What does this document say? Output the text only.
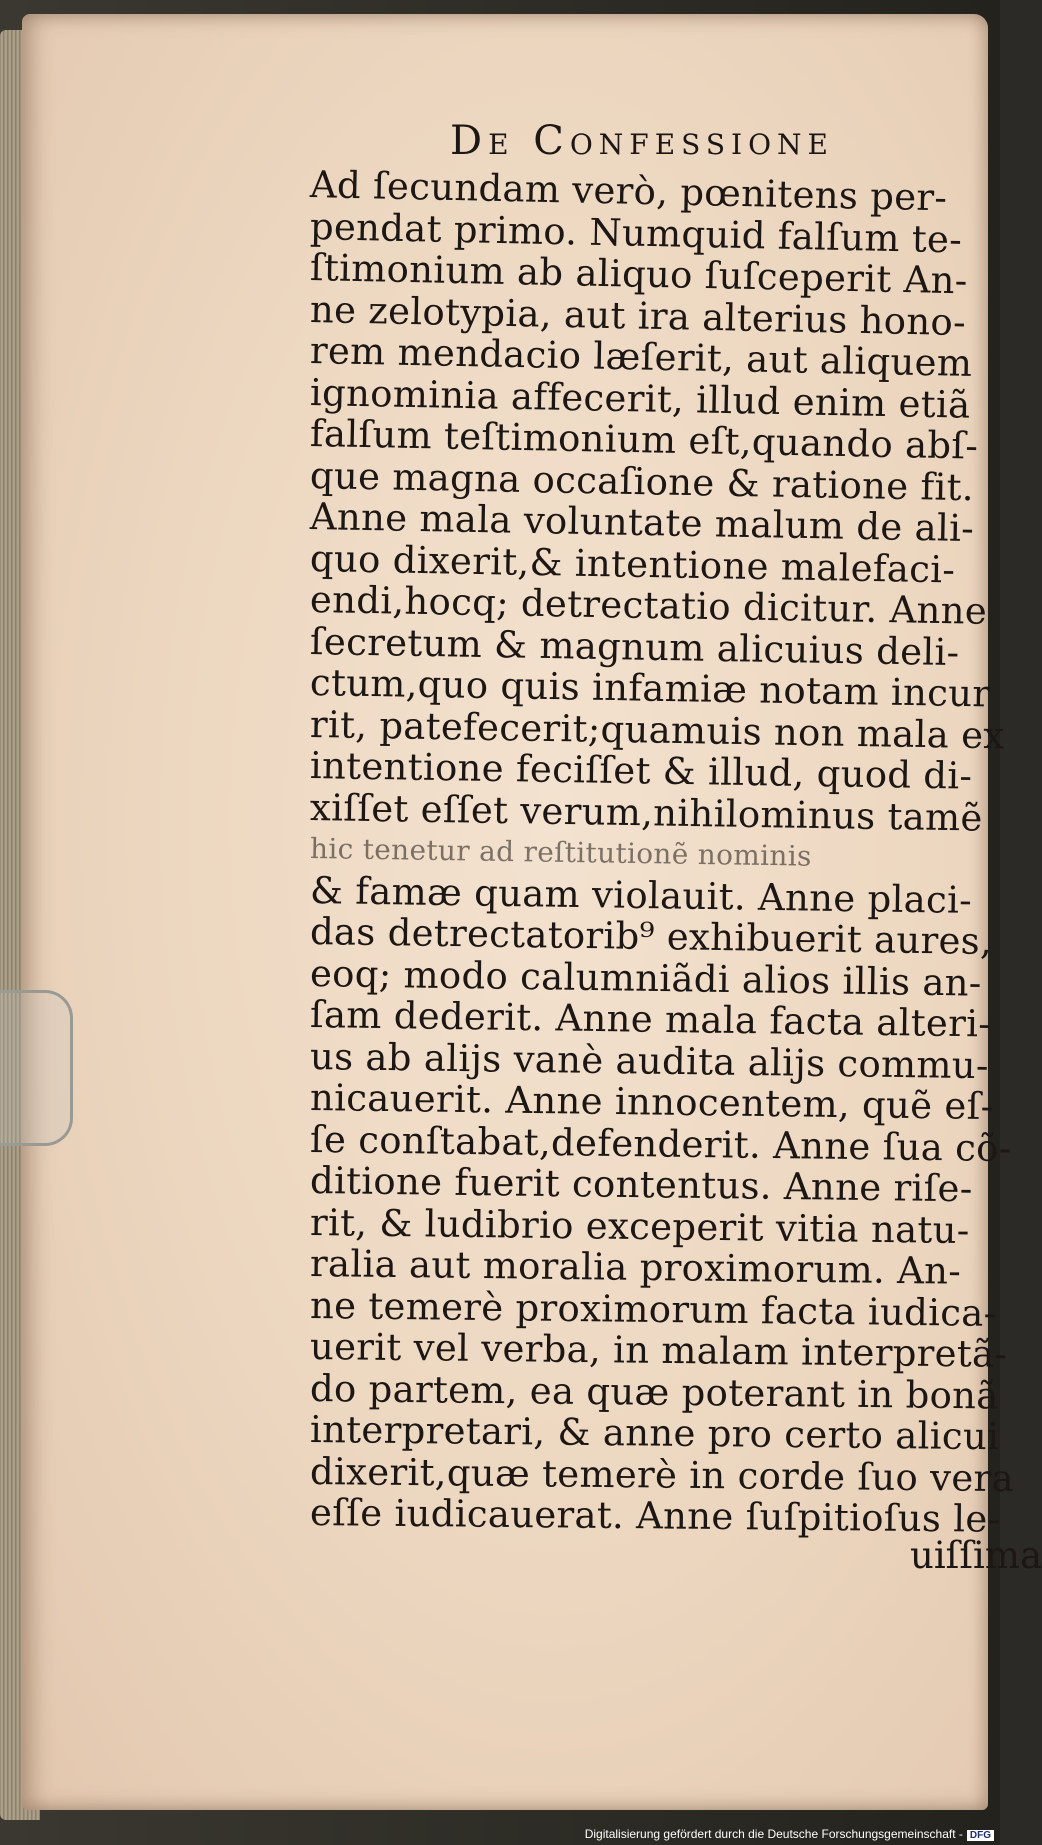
De Confessione
Ad ſecundam verò, pœnitens per-
pendat primo. Numquid falſum te-
ſtimonium ab aliquo ſuſceperit An-
ne zelotypia, aut ira alterius hono-
rem mendacio læſerit, aut aliquem
ignominia affecerit, illud enim etiã
falſum teſtimonium eſt,quando abſ-
que magna occaſione & ratione fit.
Anne mala voluntate malum de ali-
quo dixerit,& intentione malefaci-
endi,hocq; detrectatio dicitur. Anne
ſecretum & magnum alicuius deli-
ctum,quo quis infamiæ notam incur
rit, patefecerit;quamuis non mala ex
intentione feciſſet & illud, quod di-
xiſſet eſſet verum,nihilominus tamẽ
hic tenetur ad reſtitutionẽ nominis
& famæ quam violauit. Anne placi-
das detrectatorib⁹ exhibuerit aures,
eoq; modo calumniãdi alios illis an-
ſam dederit. Anne mala facta alteri-
us ab alijs vanè audita alijs commu-
nicauerit. Anne innocentem, quẽ eſ-
ſe conſtabat,defenderit. Anne ſua cõ-
ditione fuerit contentus. Anne riſe-
rit, & ludibrio exceperit vitia natu-
ralia aut moralia proximorum. An-
ne temerè proximorum facta iudica-
uerit vel verba, in malam interpretã-
do partem, ea quæ poterant in bonã
interpretari, & anne pro certo alicui
dixerit,quæ temerè in corde ſuo vera
eſſe iudicauerat. Anne ſuſpitioſus le-
uiſſima
Digitalisierung gefördert durch die Deutsche Forschungsgemeinschaft - DFG
